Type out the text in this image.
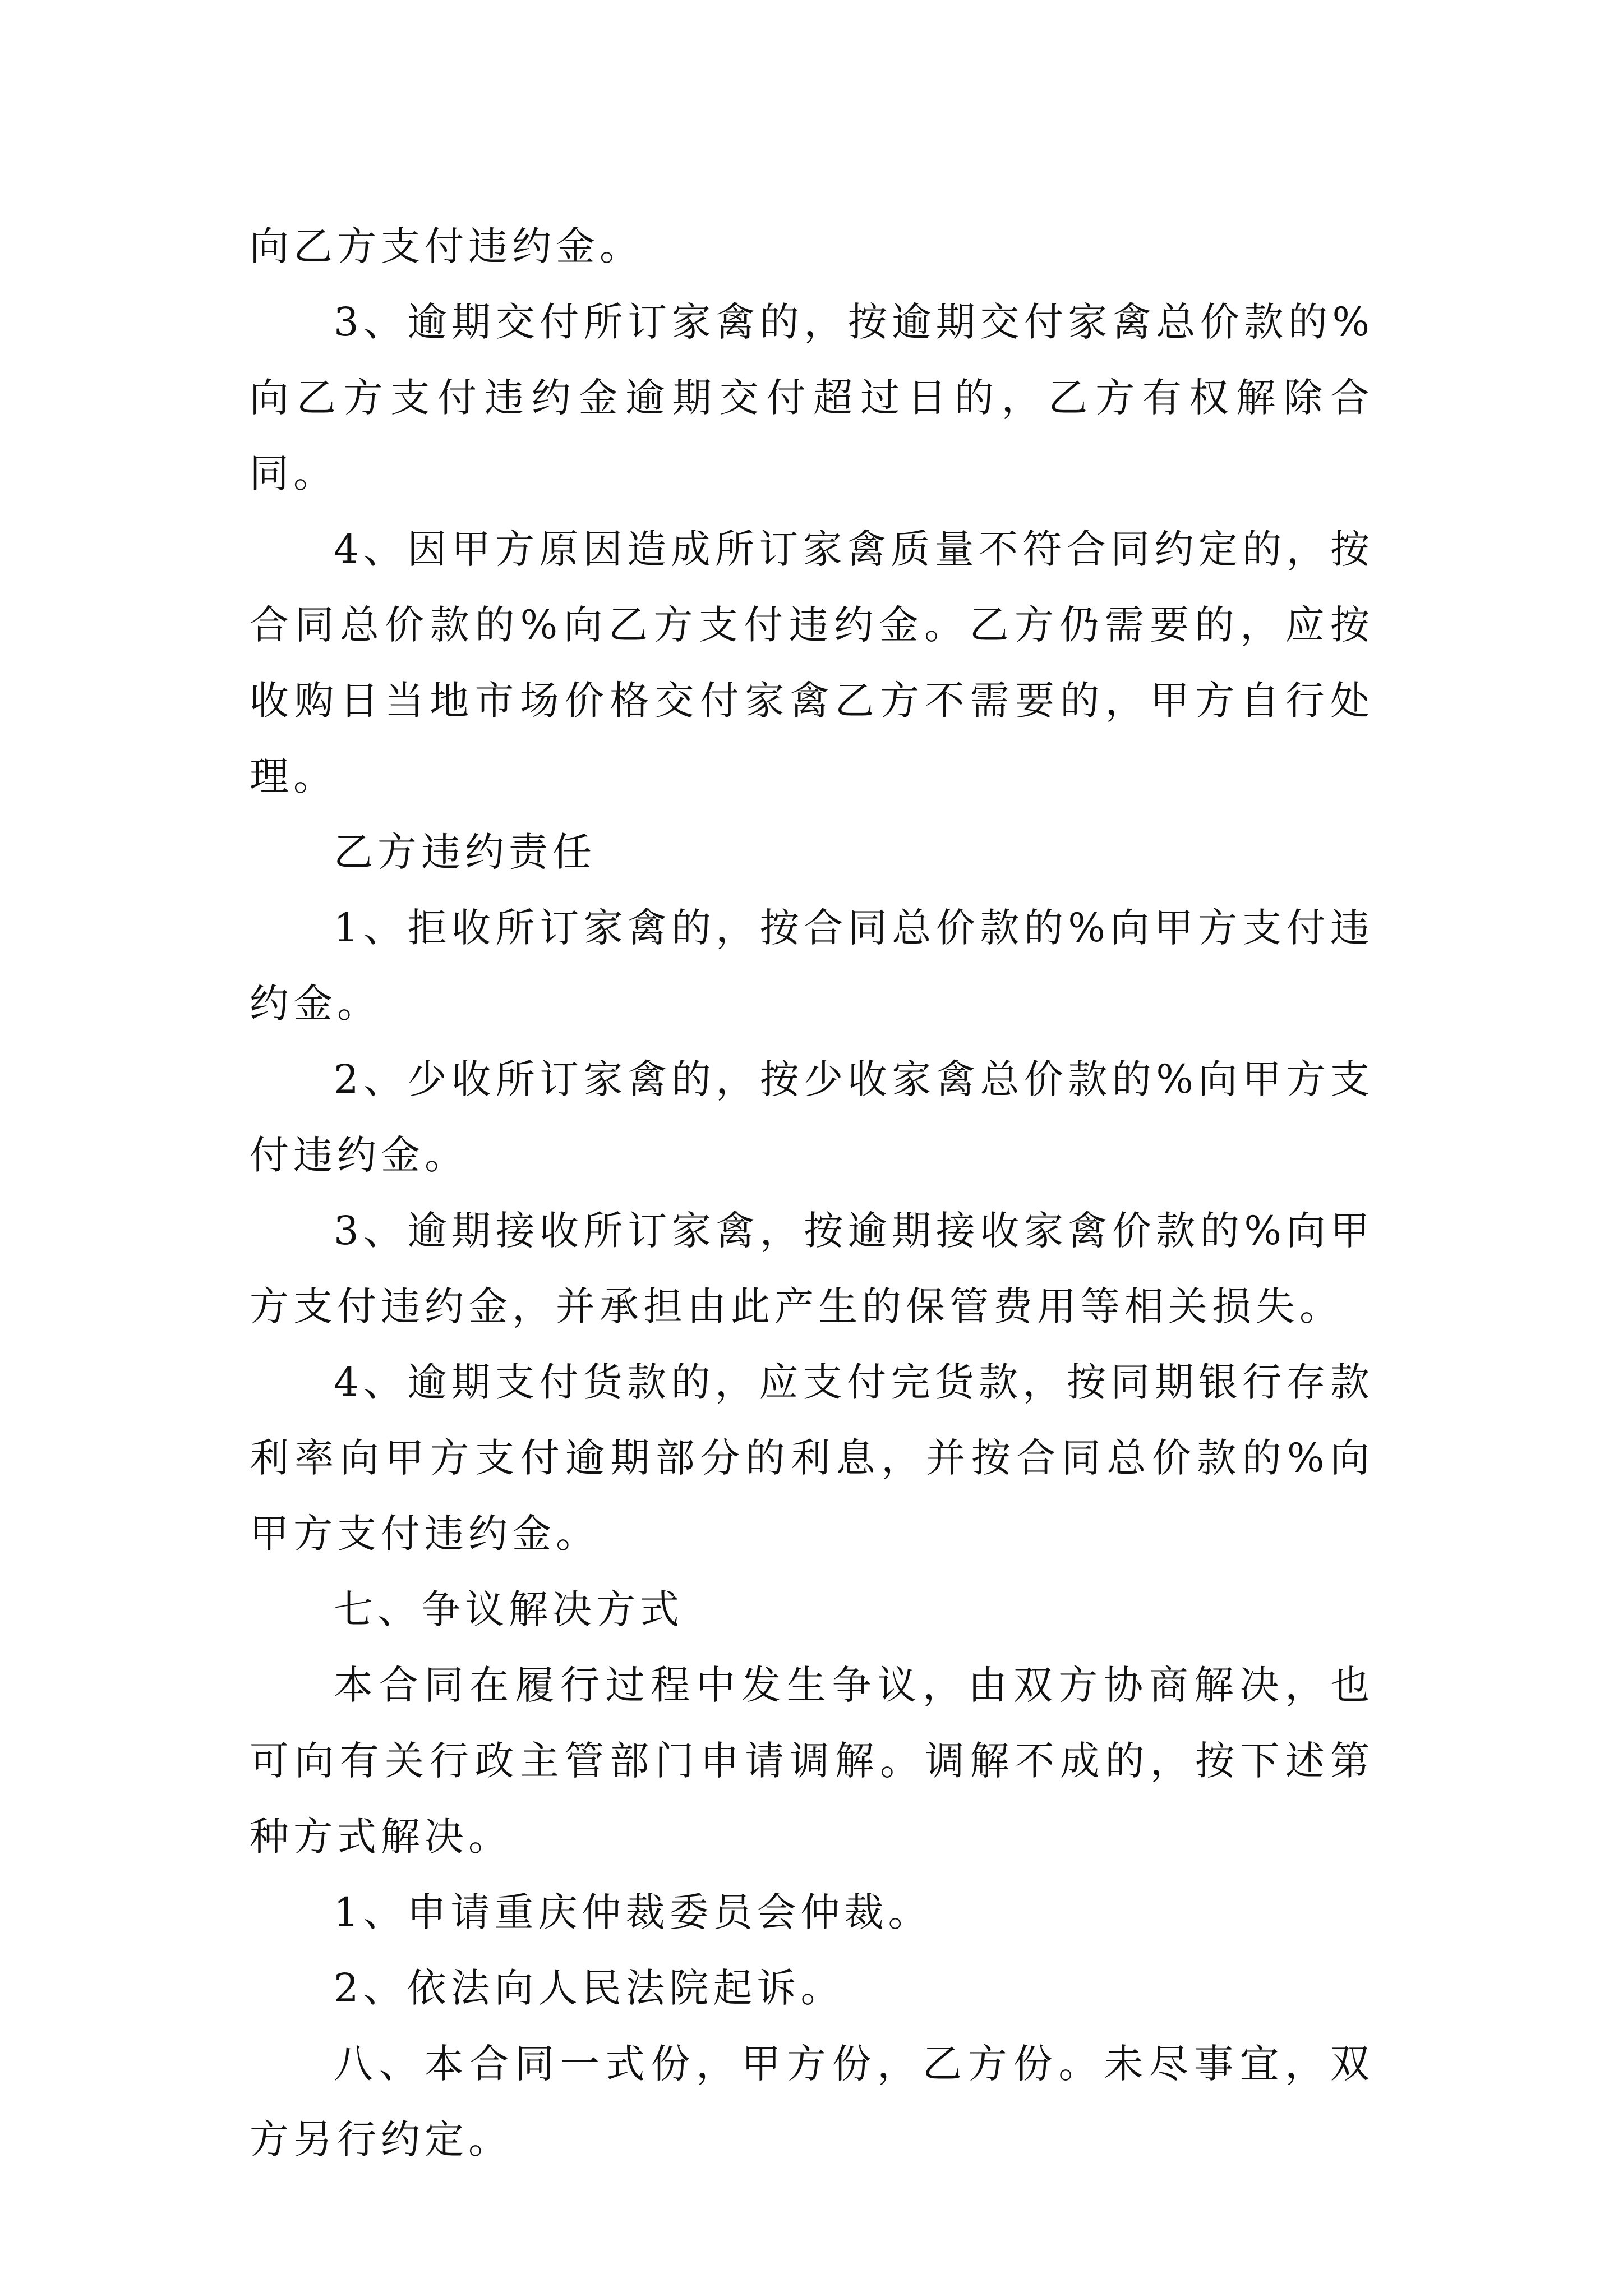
向乙方支付违约金。

3、逾期交付所订家禽的，按逾期交付家禽总价款的%向乙方支付违约金逾期交付超过日的，乙方有权解除合同。

4、因甲方原因造成所订家禽质量不符合同约定的，按合同总价款的%向乙方支付违约金。乙方仍需要的，应按收购日当地市场价格交付家禽乙方不需要的，甲方自行处理。

乙方违约责任

1、拒收所订家禽的，按合同总价款的%向甲方支付违约金。

2、少收所订家禽的，按少收家禽总价款的%向甲方支付违约金。

3、逾期接收所订家禽，按逾期接收家禽价款的%向甲方支付违约金，并承担由此产生的保管费用等相关损失。

4、逾期支付货款的，应支付完货款，按同期银行存款利率向甲方支付逾期部分的利息，并按合同总价款的%向甲方支付违约金。

七、争议解决方式

本合同在履行过程中发生争议，由双方协商解决，也可向有关行政主管部门申请调解。调解不成的，按下述第种方式解决。

1、申请重庆仲裁委员会仲裁。

2、依法向人民法院起诉。

八、本合同一式份，甲方份，乙方份。未尽事宜，双方另行约定。
